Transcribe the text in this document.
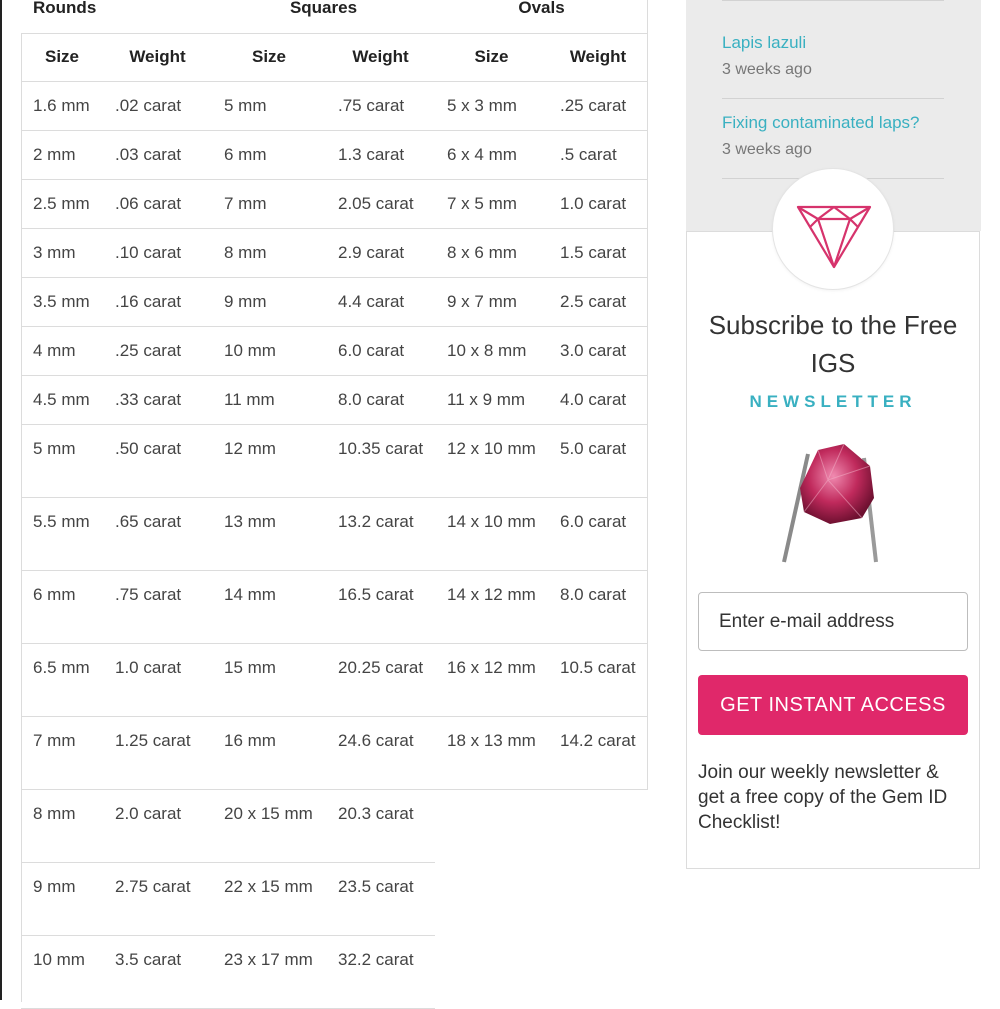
Rounds	Squares	Ovals
Size	Weight	Size	Weight	Size	Weight
1.6 mm	.02 carat	5 mm	.75 carat	5 x 3 mm	.25 carat
2 mm	.03 carat	6 mm	1.3 carat	6 x 4 mm	.5 carat
2.5 mm	.06 carat	7 mm	2.05 carat	7 x 5 mm	1.0 carat
3 mm	.10 carat	8 mm	2.9 carat	8 x 6 mm	1.5 carat
3.5 mm	.16 carat	9 mm	4.4 carat	9 x 7 mm	2.5 carat
4 mm	.25 carat	10 mm	6.0 carat	10 x 8 mm	3.0 carat
4.5 mm	.33 carat	11 mm	8.0 carat	11 x 9 mm	4.0 carat
5 mm	.50 carat	12 mm	10.35 carat	12 x 10 mm	5.0 carat
5.5 mm	.65 carat	13 mm	13.2 carat	14 x 10 mm	6.0 carat
6 mm	.75 carat	14 mm	16.5 carat	14 x 12 mm	8.0 carat
6.5 mm	1.0 carat	15 mm	20.25 carat	16 x 12 mm	10.5 carat
7 mm	1.25 carat	16 mm	24.6 carat	18 x 13 mm	14.2 carat
8 mm	2.0 carat	20 x 15 mm	20.3 carat
9 mm	2.75 carat	22 x 15 mm	23.5 carat
10 mm	3.5 carat	23 x 17 mm	32.2 carat
Lapis lazuli
3 weeks ago
Fixing contaminated laps?
3 weeks ago
Subscribe to the Free IGS
NEWSLETTER
Enter e-mail address
GET INSTANT ACCESS
Join our weekly newsletter & get a free copy of the Gem ID Checklist!
